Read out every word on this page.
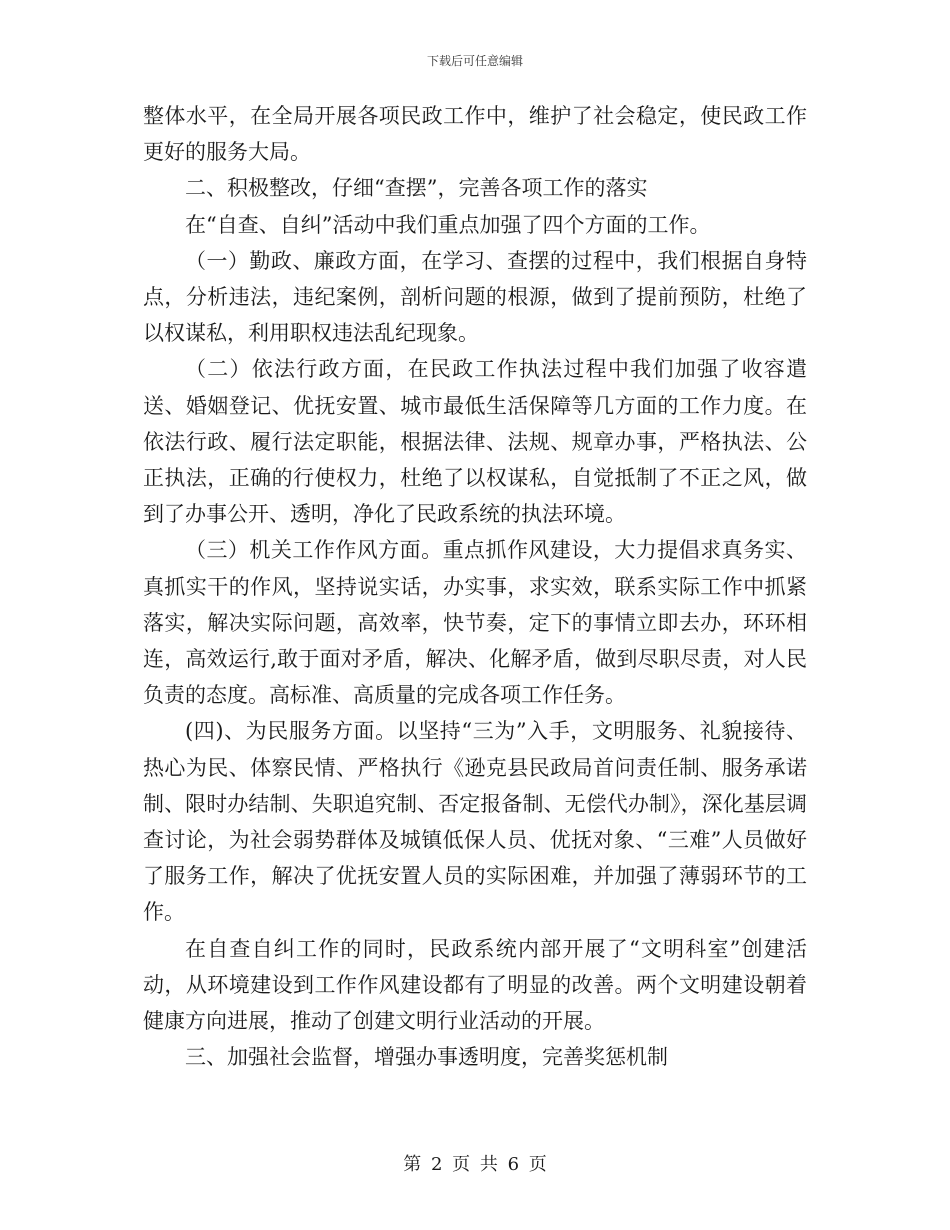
下载后可任意编辑

整体水平，在全局开展各项民政工作中，维护了社会稳定，使民政工作更好的服务大局。

二、积极整改，仔细“查摆”，完善各项工作的落实

在“自查、自纠”活动中我们重点加强了四个方面的工作。

（一）勤政、廉政方面，在学习、查摆的过程中，我们根据自身特点，分析违法，违纪案例，剖析问题的根源，做到了提前预防，杜绝了以权谋私，利用职权违法乱纪现象。

（二）依法行政方面，在民政工作执法过程中我们加强了收容遣送、婚姻登记、优抚安置、城市最低生活保障等几方面的工作力度。在依法行政、履行法定职能，根据法律、法规、规章办事，严格执法、公正执法，正确的行使权力，杜绝了以权谋私，自觉抵制了不正之风，做到了办事公开、透明，净化了民政系统的执法环境。

（三）机关工作作风方面。重点抓作风建设，大力提倡求真务实、真抓实干的作风，坚持说实话，办实事，求实效，联系实际工作中抓紧落实，解决实际问题，高效率，快节奏，定下的事情立即去办，环环相连，高效运行,敢于面对矛盾，解决、化解矛盾，做到尽职尽责，对人民负责的态度。高标准、高质量的完成各项工作任务。

(四)、为民服务方面。以坚持“三为”入手，文明服务、礼貌接待、热心为民、体察民情、严格执行《逊克县民政局首问责任制、服务承诺制、限时办结制、失职追究制、否定报备制、无偿代办制》，深化基层调查讨论，为社会弱势群体及城镇低保人员、优抚对象、“三难”人员做好了服务工作，解决了优抚安置人员的实际困难，并加强了薄弱环节的工作。

在自查自纠工作的同时，民政系统内部开展了“文明科室”创建活动，从环境建设到工作作风建设都有了明显的改善。两个文明建设朝着健康方向进展，推动了创建文明行业活动的开展。

三、加强社会监督，增强办事透明度，完善奖惩机制

第 2 页 共 6 页
